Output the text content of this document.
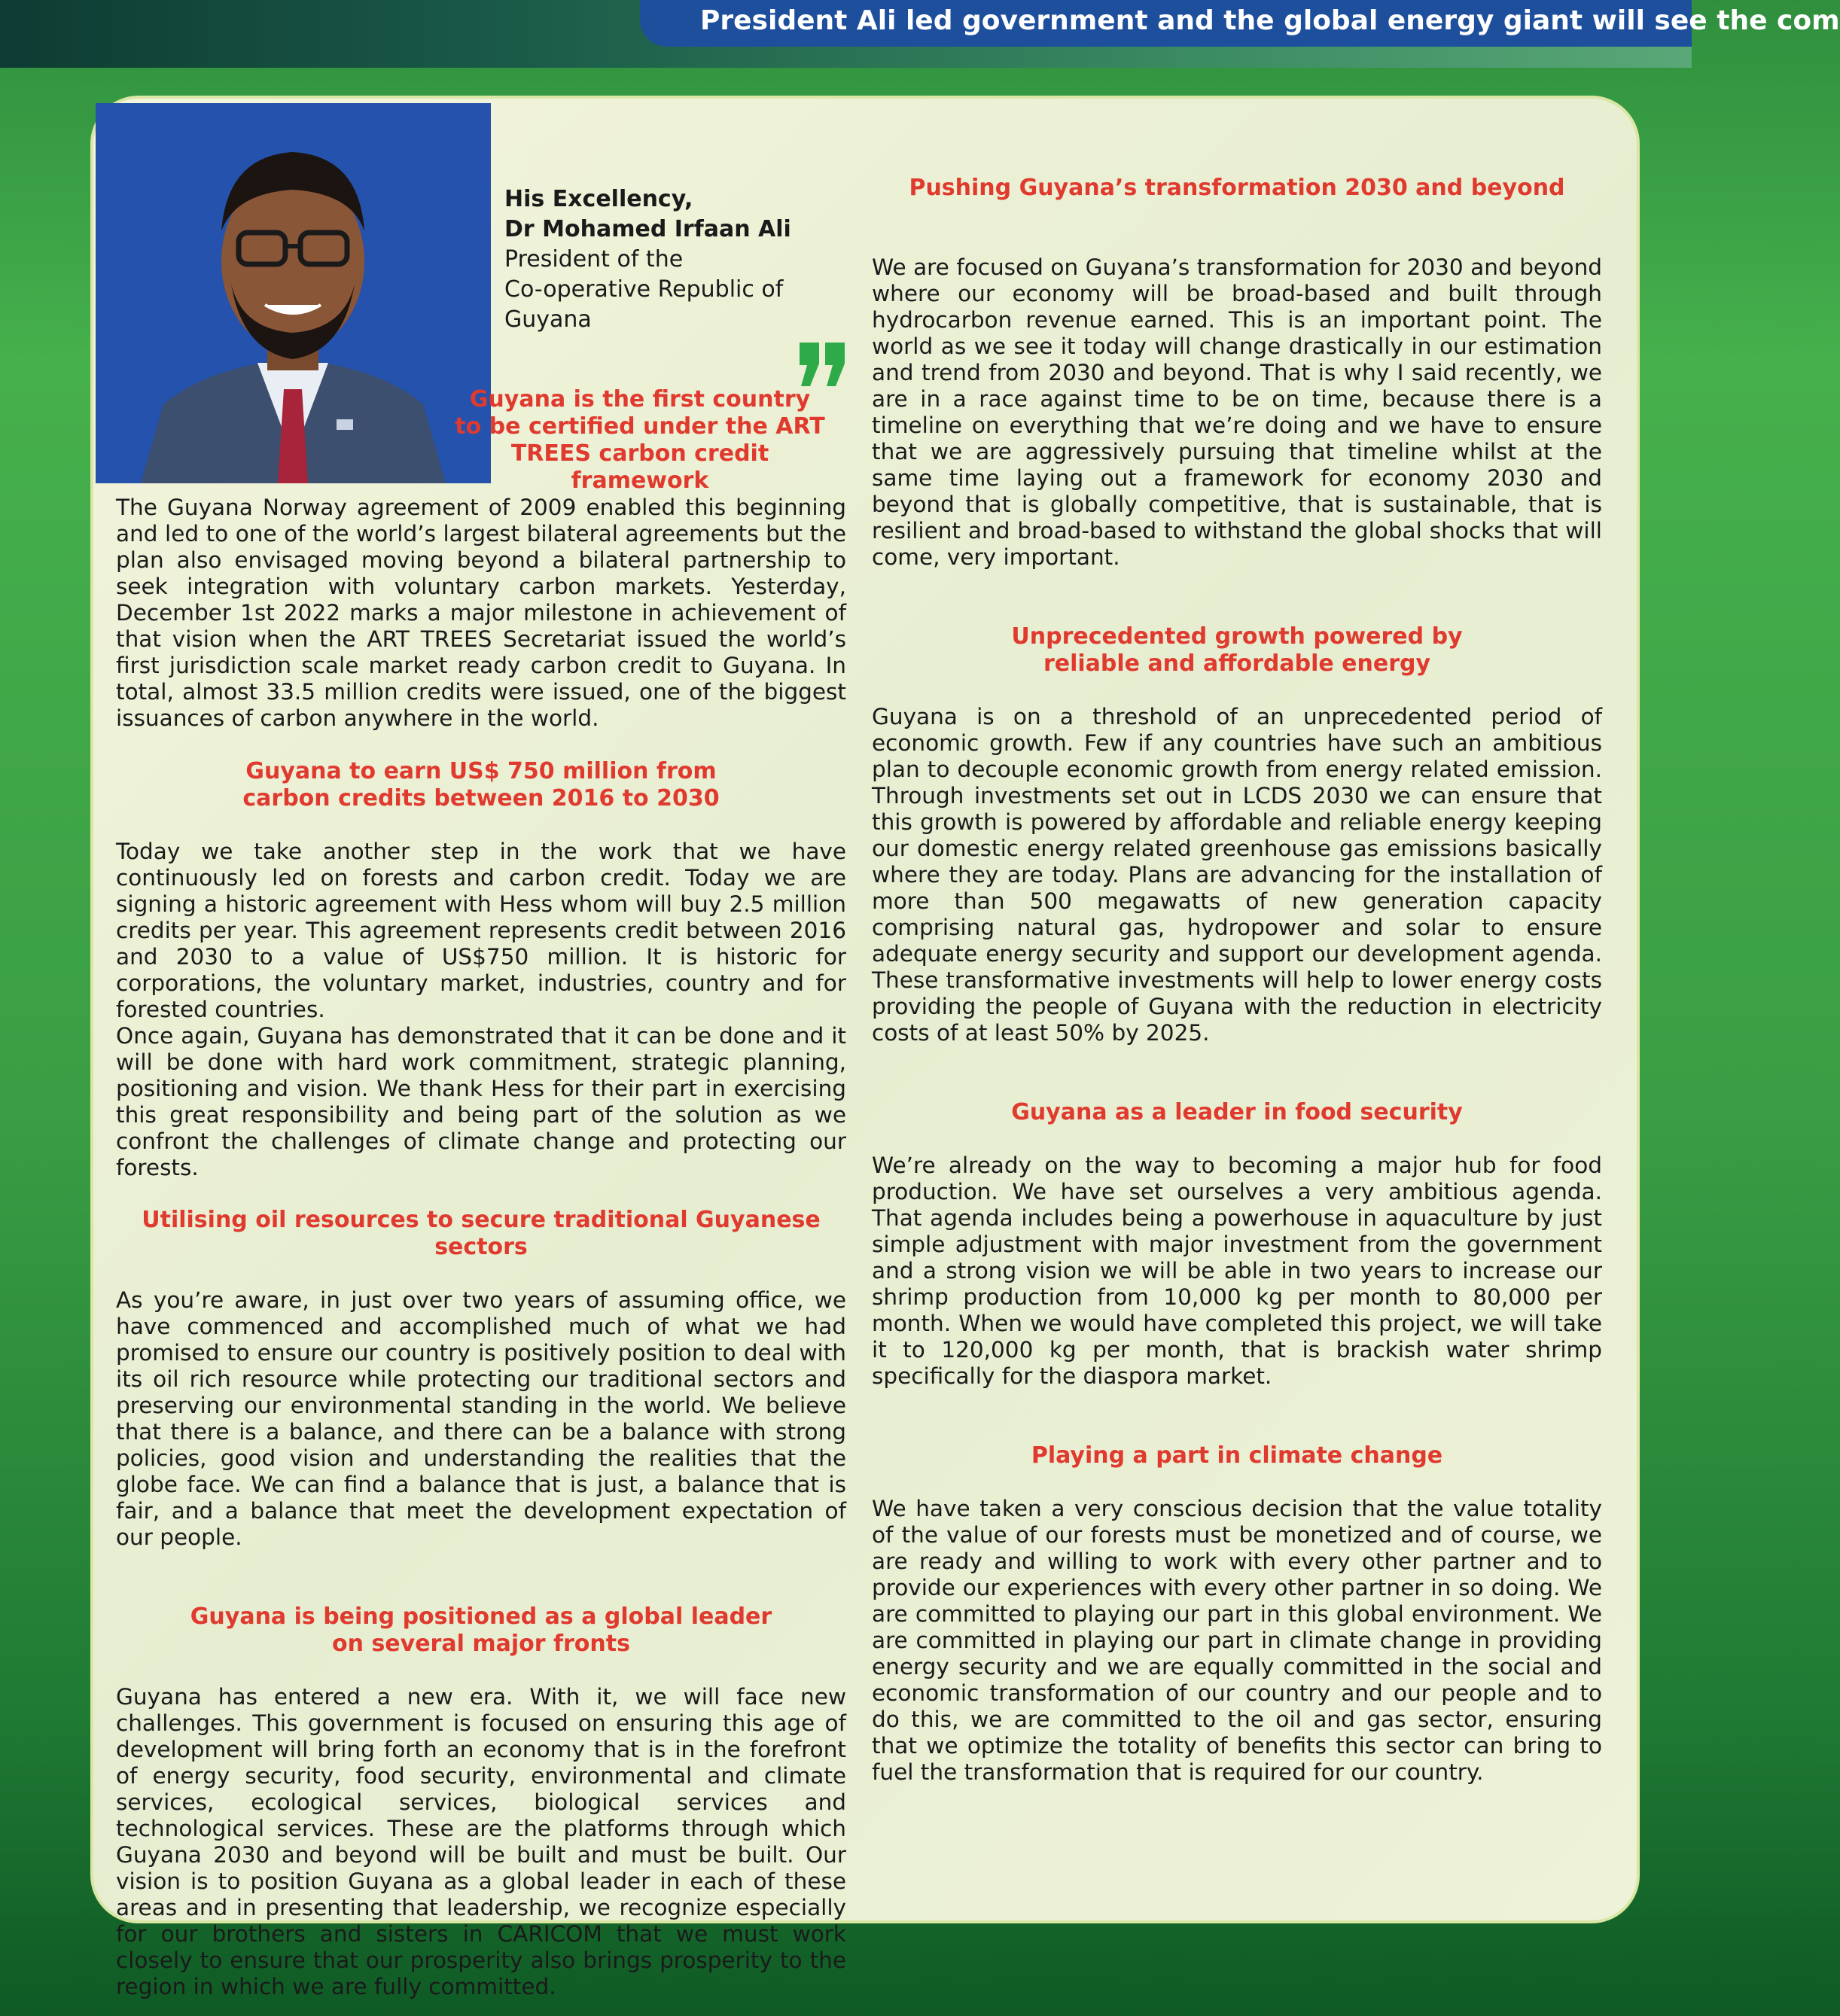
President Ali led government and the global energy giant will see the com
His Excellency,
Dr Mohamed Irfaan Ali
President of the
Co-operative Republic of
Guyana
Guyana is the first country
to be certified under the ART
TREES carbon credit framework

The Guyana Norway agreement of 2009 enabled this beginning and led to one of the world’s largest bilateral agreements but the plan also envisaged moving beyond a bilateral partnership to seek integration with voluntary carbon markets. Yesterday, December 1st 2022 marks a major milestone in achievement of that vision when the ART TREES Secretariat issued the world’s first jurisdiction scale market ready carbon credit to Guyana. In total, almost 33.5 million credits were issued, one of the biggest issuances of carbon anywhere in the world.

Guyana to earn US$ 750 million from
carbon credits between 2016 to 2030

Today we take another step in the work that we have continuously led on forests and carbon credit. Today we are signing a historic agreement with Hess whom will buy 2.5 million credits per year. This agreement represents credit between 2016 and 2030 to a value of US$750 million. It is historic for corporations, the voluntary market, industries, country and for forested countries.

Once again, Guyana has demonstrated that it can be done and it will be done with hard work commitment, strategic planning, positioning and vision. We thank Hess for their part in exercising this great responsibility and being part of the solution as we confront the challenges of climate change and protecting our forests.

Utilising oil resources to secure traditional Guyanese sectors

As you’re aware, in just over two years of assuming office, we have commenced and accomplished much of what we had promised to ensure our country is positively position to deal with its oil rich resource while protecting our traditional sectors and preserving our environmental standing in the world. We believe that there is a balance, and there can be a balance with strong policies, good vision and understanding the realities that the globe face. We can find a balance that is just, a balance that is fair, and a balance that meet the development expectation of our people.

Guyana is being positioned as a global leader
on several major fronts

Guyana has entered a new era. With it, we will face new challenges. This government is focused on ensuring this age of development will bring forth an economy that is in the forefront of energy security, food security, environmental and climate services, ecological services, biological services and technological services. These are the platforms through which Guyana 2030 and beyond will be built and must be built. Our vision is to position Guyana as a global leader in each of these areas and in presenting that leadership, we recognize especially for our brothers and sisters in CARICOM that we must work closely to ensure that our prosperity also brings prosperity to the region in which we are fully committed.

Pushing Guyana’s transformation 2030 and beyond

We are focused on Guyana’s transformation for 2030 and beyond where our economy will be broad-based and built through hydrocarbon revenue earned. This is an important point. The world as we see it today will change drastically in our estimation and trend from 2030 and beyond. That is why I said recently, we are in a race against time to be on time, because there is a timeline on everything that we’re doing and we have to ensure that we are aggressively pursuing that timeline whilst at the same time laying out a framework for economy 2030 and beyond that is globally competitive, that is sustainable, that is resilient and broad-based to withstand the global shocks that will come, very important.

Unprecedented growth powered by
reliable and affordable energy

Guyana is on a threshold of an unprecedented period of economic growth. Few if any countries have such an ambitious plan to decouple economic growth from energy related emission. Through investments set out in LCDS 2030 we can ensure that this growth is powered by affordable and reliable energy keeping our domestic energy related greenhouse gas emissions basically where they are today. Plans are advancing for the installation of more than 500 megawatts of new generation capacity comprising natural gas, hydropower and solar to ensure adequate energy security and support our development agenda. These transformative investments will help to lower energy costs providing the people of Guyana with the reduction in electricity costs of at least 50% by 2025.

Guyana as a leader in food security

We’re already on the way to becoming a major hub for food production. We have set ourselves a very ambitious agenda. That agenda includes being a powerhouse in aquaculture by just simple adjustment with major investment from the government and a strong vision we will be able in two years to increase our shrimp production from 10,000 kg per month to 80,000 per month. When we would have completed this project, we will take it to 120,000 kg per month, that is brackish water shrimp specifically for the diaspora market.

Playing a part in climate change

We have taken a very conscious decision that the value totality of the value of our forests must be monetized and of course, we are ready and willing to work with every other partner and to provide our experiences with every other partner in so doing. We are committed to playing our part in this global environment. We are committed in playing our part in climate change in providing energy security and we are equally committed in the social and economic transformation of our country and our people and to do this, we are committed to the oil and gas sector, ensuring that we optimize the totality of benefits this sector can bring to fuel the transformation that is required for our country.
